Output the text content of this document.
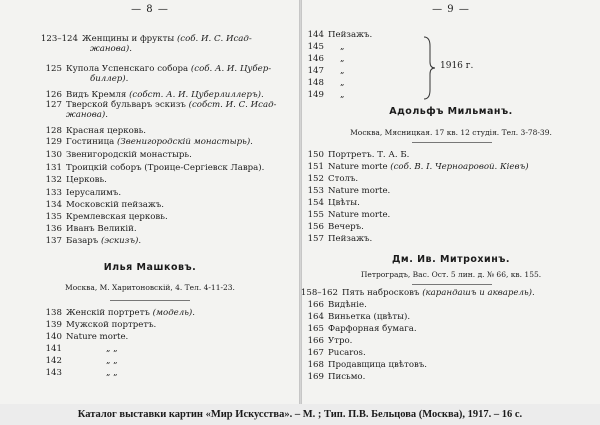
— 8 —
123–124 Женщины и фрукты (соб. И. С. Исад-
жанова).
125 Купола Успенскаго собора (соб. А. И. Цубер-
биллер).
126 Видъ Кремля (собст. А. И. Цуберлиллеръ).
127 Тверской бульваръ эскизъ (собст. И. С. Исад-
жанова).
128 Красная церковь.
129 Гостиница (Звенигородскій монастырь).
130 Звенигородскій монастырь.
131 Троицкій соборъ (Троице-Сергіевск Лавра).
132 Церковь.
133 Іерусалимъ.
134 Московскій пейзажъ.
135 Кремлевская церковь.
136 Иванъ Великій.
137 Базаръ (эскизъ).
Илья Машковъ.
Москва, М. Харитоновскій, 4. Тел. 4-11-23.
138 Женскій портретъ (модель).
139 Мужской портретъ.
140 Nature morte.
141	„ „
142	„ „
143	„ „
— 9 —
144 Пейзажъ.
145 „
146 „
147 „
148 „
149 „
1916 г.
Адольфъ Мильманъ.
Москва, Мясницкая. 17 кв. 12 студія. Тел. 3-78-39.
150 Портретъ. Т. А. Б.
151 Nature morte (соб. В. І. Черноаровой. Кіевъ)
152 Столъ.
153 Nature morte.
154 Цвѣты.
155 Nature morte.
156 Вечеръ.
157 Пейзажъ.
Дм. Ив. Митрохинъ.
Петроградъ, Вас. Ост. 5 лин. д. № 66, кв. 155.
158–162 Пять набросковъ (карандашъ и акварель).
166 Видѣніе.
164 Виньетка (цвѣты).
165 Фарфорная бумага.
166 Утро.
167 Pucaros.
168 Продавщица цвѣтовъ.
169 Письмо.
Каталог выставки картин «Мир Искусства». – М. ; Тип. П.В. Бельцова (Москва), 1917. – 16 с.
